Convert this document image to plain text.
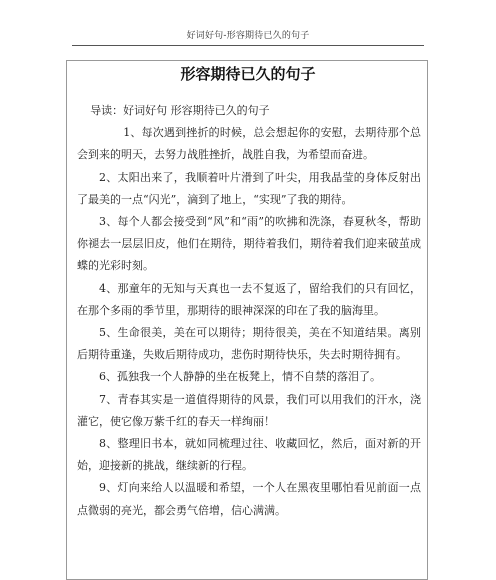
好词好句-形容期待已久的句子
形容期待已久的句子

导读：好词好句 形容期待已久的句子

1、每次遇到挫折的时候，总会想起你的安慰，去期待那个总会到来的明天，去努力战胜挫折，战胜自我，为希望而奋进。

2、太阳出来了，我顺着叶片滑到了叶尖，用我晶莹的身体反射出了最美的一点“闪光”，滴到了地上，“实现”了我的期待。

3、每个人都会接受到“风”和“雨”的吹拂和洗涤，春夏秋冬，帮助你褪去一层层旧皮，他们在期待，期待着我们，期待着我们迎来破茧成蝶的光彩时刻。

4、那童年的无知与天真也一去不复返了，留给我们的只有回忆，在那个多雨的季节里，那期待的眼神深深的印在了我的脑海里。

5、生命很美，美在可以期待；期待很美，美在不知道结果。离别后期待重逢，失败后期待成功，悲伤时期待快乐，失去时期待拥有。

6、孤独我一个人静静的坐在板凳上，情不自禁的落泪了。

7、青春其实是一道值得期待的风景，我们可以用我们的汗水，浇灌它，使它像万紫千红的春天一样绚丽！

8、整理旧书本，就如同梳理过往、收藏回忆，然后，面对新的开始，迎接新的挑战，继续新的行程。

9、灯向来给人以温暖和希望，一个人在黑夜里哪怕看见前面一点点微弱的亮光，都会勇气倍增，信心满满。
